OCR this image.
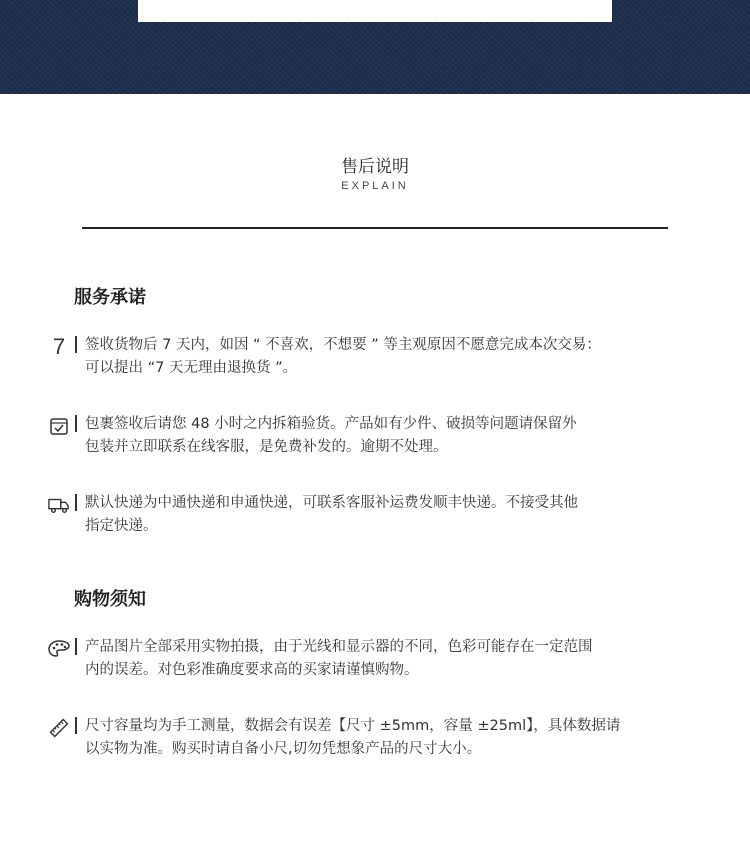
售后说明
EXPLAIN
服务承诺
7 签收货物后 7 天内，如因 “ 不喜欢，不想要 ” 等主观原因不愿意完成本次交易：
可以提出 “7 天无理由退换货 ”。
包裹签收后请您 48 小时之内拆箱验货。产品如有少件、破损等问题请保留外
包装并立即联系在线客服，是免费补发的。逾期不处理。
默认快递为中通快递和申通快递，可联系客服补运费发顺丰快递。不接受其他
指定快递。
购物须知
产品图片全部采用实物拍摄，由于光线和显示器的不同，色彩可能存在一定范围
内的误差。对色彩准确度要求高的买家请谨慎购物。
尺寸容量均为手工测量，数据会有误差【尺寸 ±5mm，容量 ±25ml】，具体数据请
以实物为准。购买时请自备小尺,切勿凭想象产品的尺寸大小。
